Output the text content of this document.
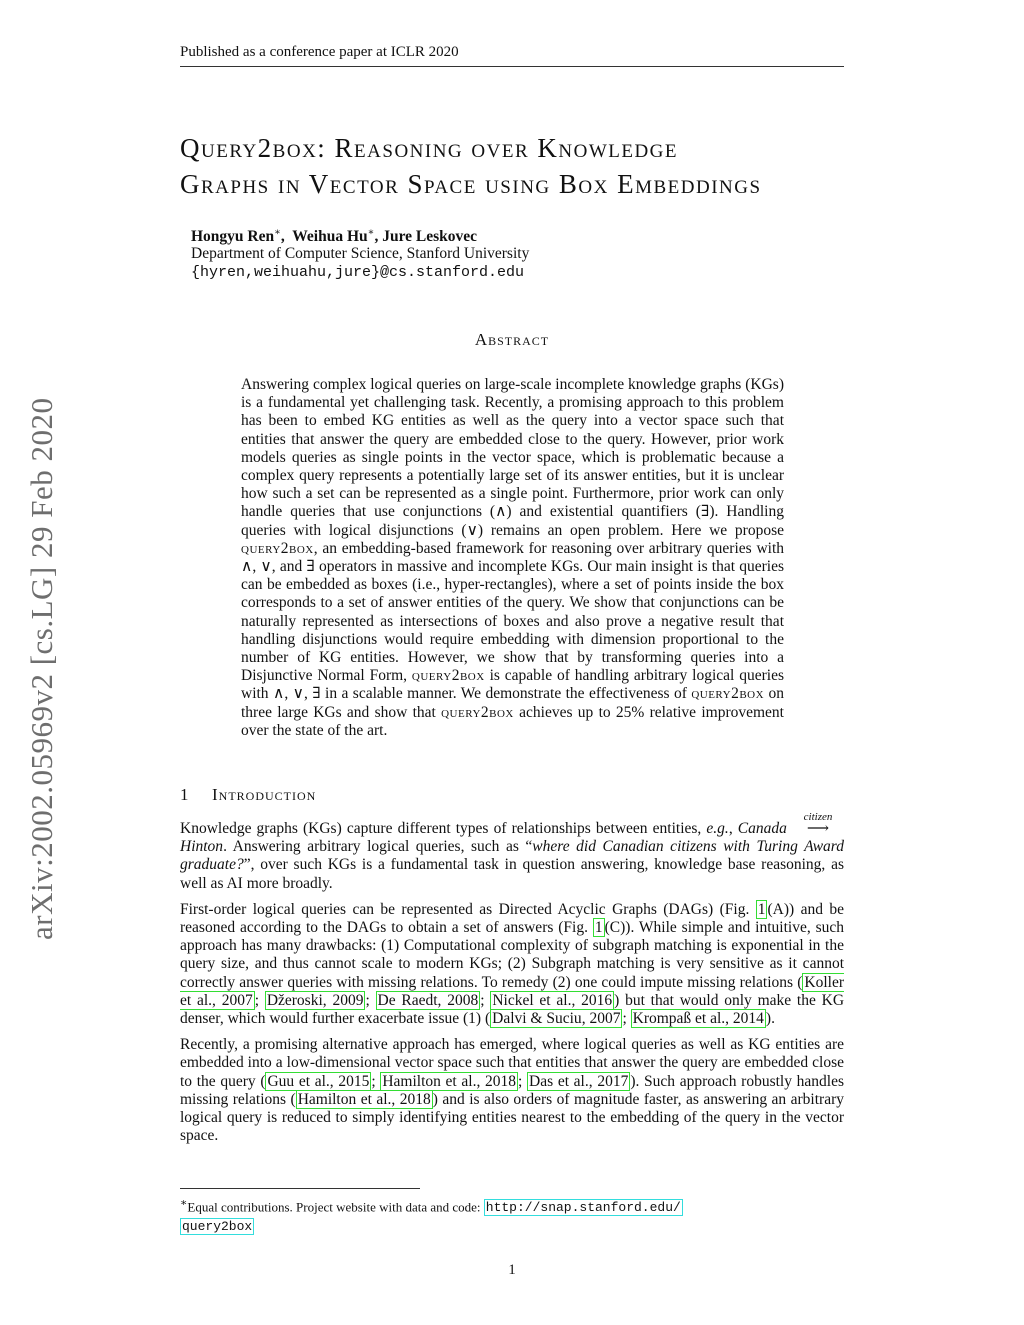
Published as a conference paper at ICLR 2020
arXiv:2002.05969v2 [cs.LG] 29 Feb 2020
Query2box: Reasoning over Knowledge
Graphs in Vector Space using Box Embeddings
Hongyu Ren∗,  Weihua Hu∗, Jure Leskovec
Department of Computer Science, Stanford University
{hyren,weihuahu,jure}@cs.stanford.edu
Abstract
Answering complex logical queries on large-scale incomplete knowledge graphs (KGs) is a fundamental yet challenging task. Recently, a promising approach to this problem has been to embed KG entities as well as the query into a vector space such that entities that answer the query are embedded close to the query. However, prior work models queries as single points in the vector space, which is problematic because a complex query represents a potentially large set of its answer entities, but it is unclear how such a set can be represented as a single point. Furthermore, prior work can only handle queries that use conjunctions (∧) and existential quantifiers (∃). Handling queries with logical disjunctions (∨) remains an open problem. Here we propose query2box, an embedding-based framework for reasoning over arbitrary queries with ∧, ∨, and ∃ operators in massive and incomplete KGs. Our main insight is that queries can be embedded as boxes (i.e., hyper-rectangles), where a set of points inside the box corresponds to a set of answer entities of the query. We show that conjunctions can be naturally represented as intersections of boxes and also prove a negative result that handling disjunctions would require embedding with dimension proportional to the number of KG entities. However, we show that by transforming queries into a Disjunctive Normal Form, query2box is capable of handling arbitrary logical queries with ∧, ∨, ∃ in a scalable manner. We demonstrate the effectiveness of query2box on three large KGs and show that query2box achieves up to 25% relative improvement over the state of the art.
1 Introduction

Knowledge graphs (KGs) capture different types of relationships between entities, e.g., Canada
citizen
⟶ Hinton. Answering arbitrary logical queries, such as “where did Canadian citizens with Turing Award graduate?”, over such KGs is a fundamental task in question answering, knowledge base reasoning, as well as AI more broadly.

First-order logical queries can be represented as Directed Acyclic Graphs (DAGs) (Fig. 1 (A)) and be reasoned according to the DAGs to obtain a set of answers (Fig. 1 (C)). While simple and intuitive, such approach has many drawbacks: (1) Computational complexity of subgraph matching is exponential in the query size, and thus cannot scale to modern KGs; (2) Subgraph matching is very sensitive as it cannot correctly answer queries with missing relations. To remedy (2) one could impute missing relations ( Koller et al., 2007 ; Džeroski, 2009 ; De Raedt, 2008 ; Nickel et al., 2016 ) but that would only make the KG denser, which would further exacerbate issue (1) ( Dalvi & Suciu, 2007 ; Krompaß et al., 2014 ).

Recently, a promising alternative approach has emerged, where logical queries as well as KG entities are embedded into a low-dimensional vector space such that entities that answer the query are embedded close to the query ( Guu et al., 2015 ; Hamilton et al., 2018 ; Das et al., 2017 ). Such approach robustly handles missing relations ( Hamilton et al., 2018 ) and is also orders of magnitude faster, as answering an arbitrary logical query is reduced to simply identifying entities nearest to the embedding of the query in the vector space.

∗Equal contributions. Project website with data and code: http://snap.stanford.edu/
query2box
1
